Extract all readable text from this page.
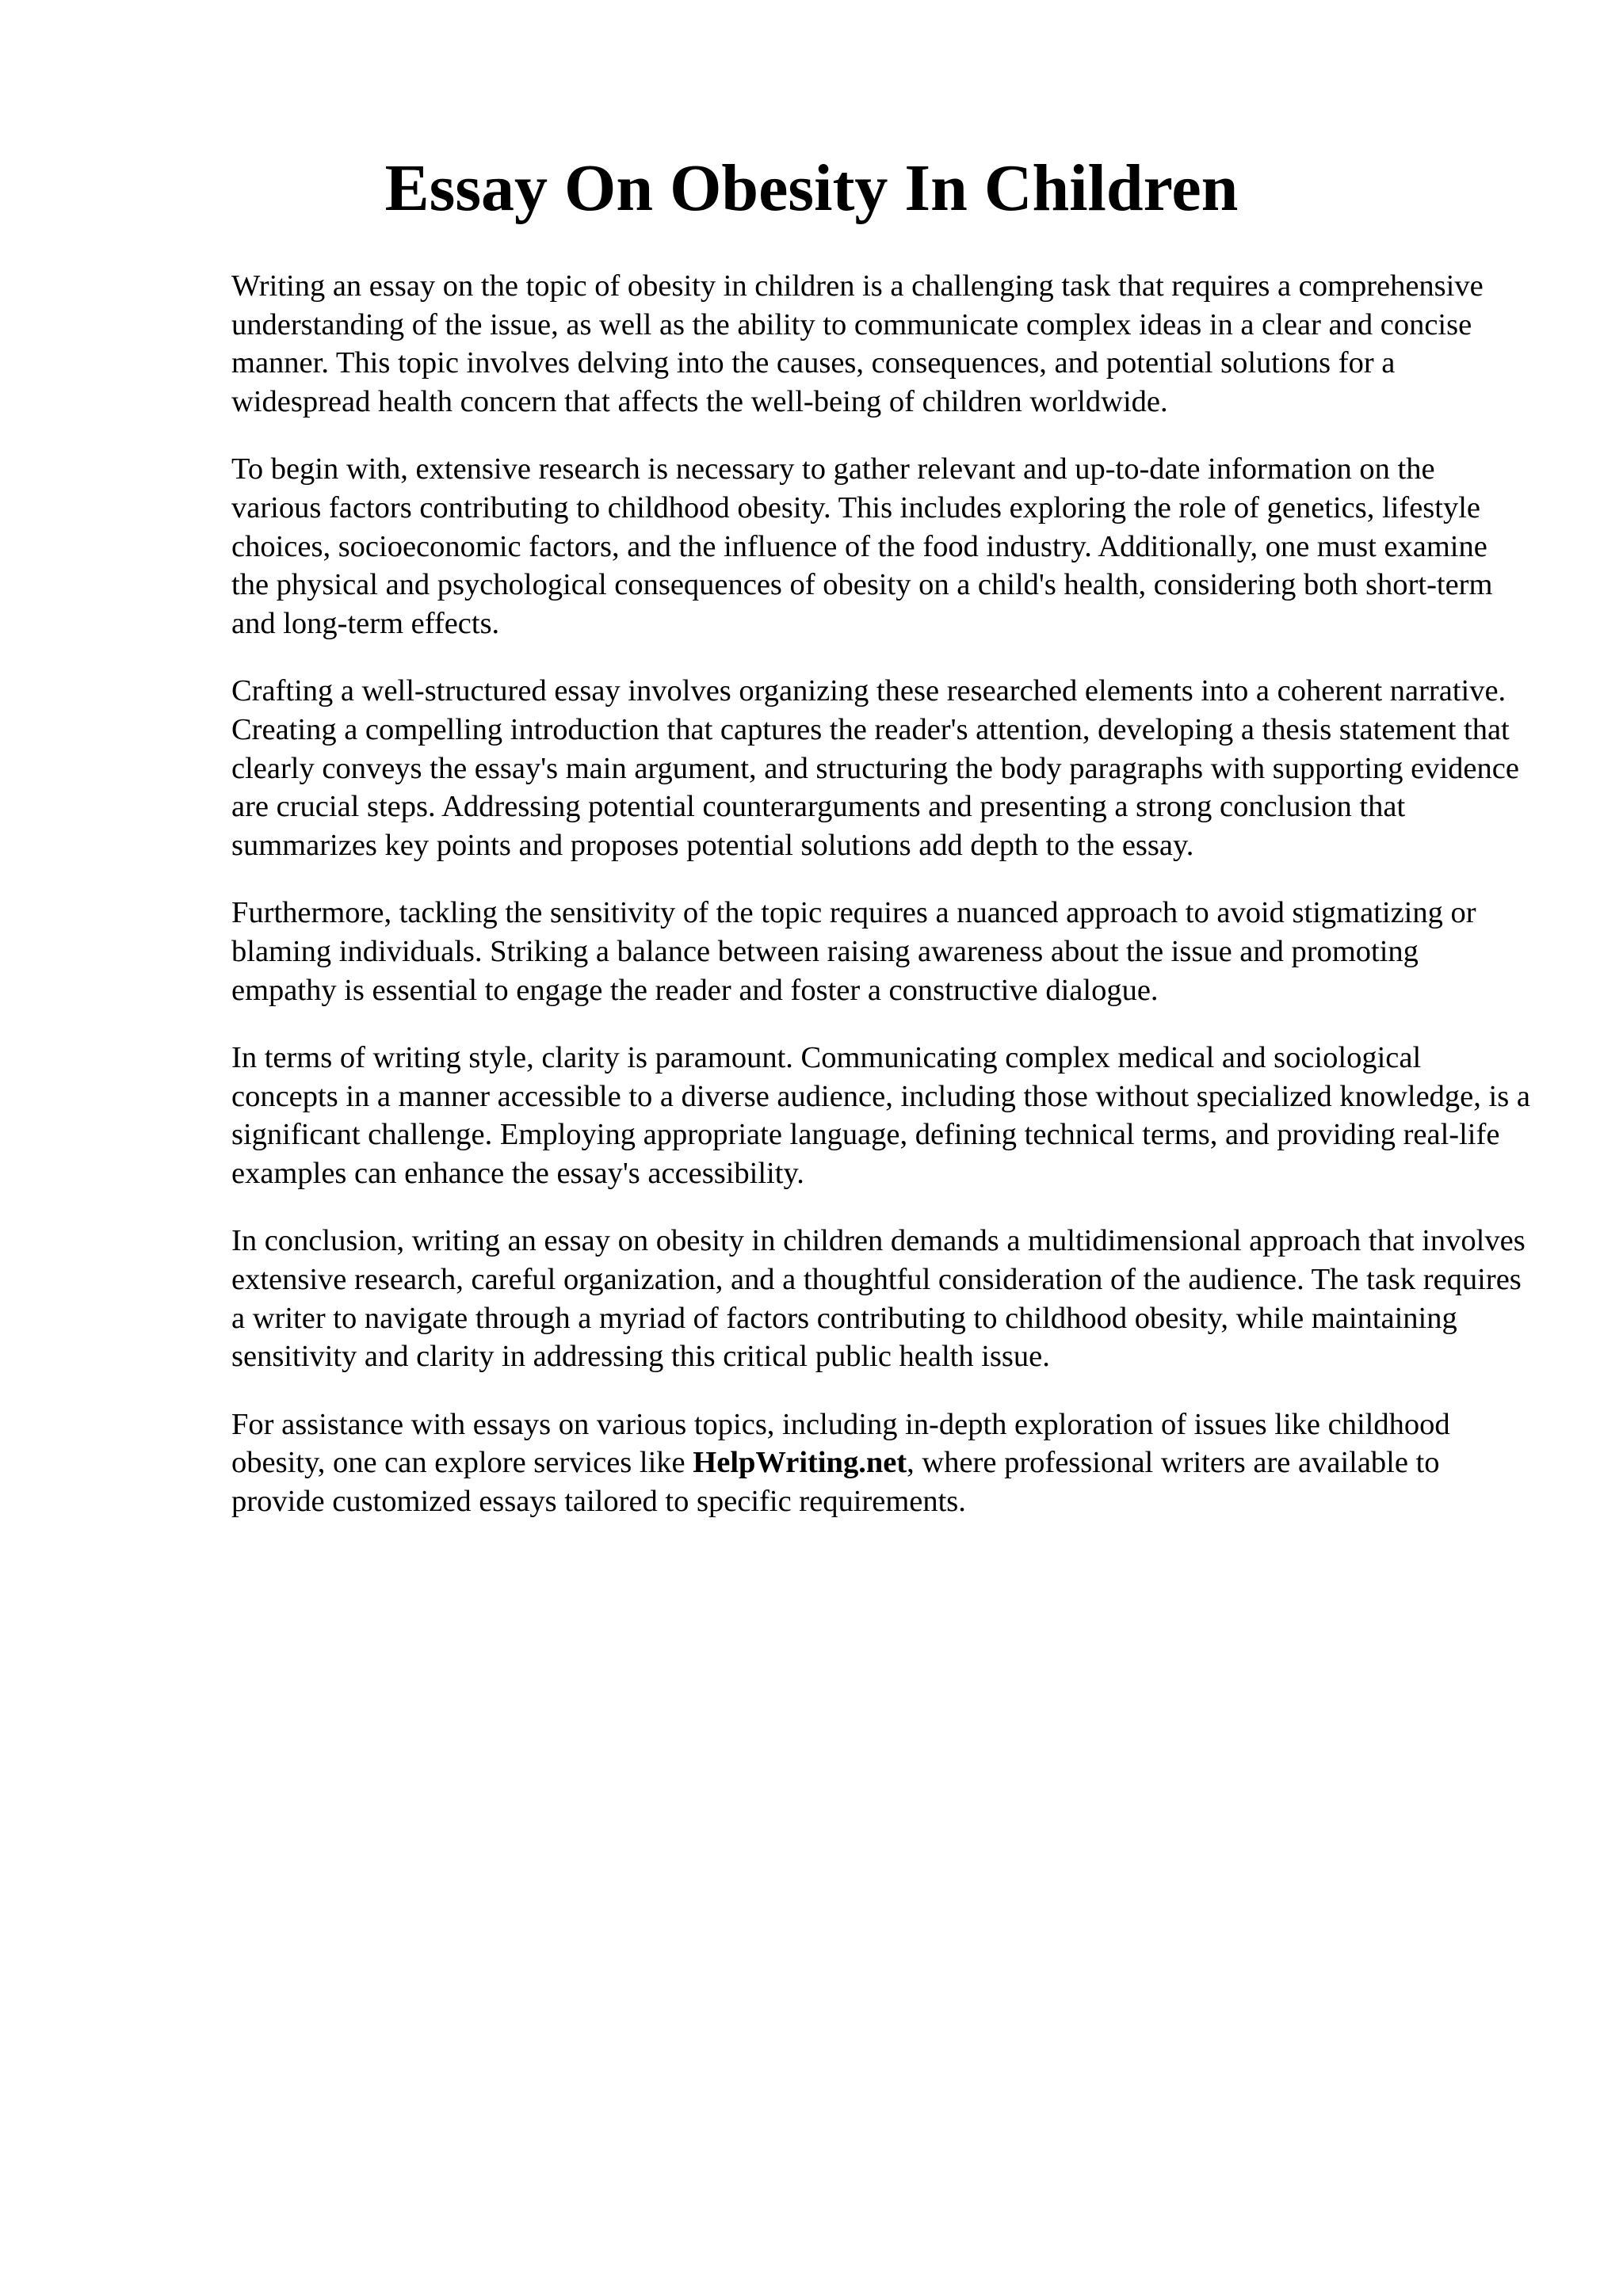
Essay On Obesity In Children

Writing an essay on the topic of obesity in children is a challenging task that requires a comprehensive understanding of the issue, as well as the ability to communicate complex ideas in a clear and concise manner. This topic involves delving into the causes, consequences, and potential solutions for a widespread health concern that affects the well-being of children worldwide.

To begin with, extensive research is necessary to gather relevant and up-to-date information on the various factors contributing to childhood obesity. This includes exploring the role of genetics, lifestyle choices, socioeconomic factors, and the influence of the food industry. Additionally, one must examine the physical and psychological consequences of obesity on a child's health, considering both short-term and long-term effects.

Crafting a well-structured essay involves organizing these researched elements into a coherent narrative. Creating a compelling introduction that captures the reader's attention, developing a thesis statement that clearly conveys the essay's main argument, and structuring the body paragraphs with supporting evidence are crucial steps. Addressing potential counterarguments and presenting a strong conclusion that summarizes key points and proposes potential solutions add depth to the essay.

Furthermore, tackling the sensitivity of the topic requires a nuanced approach to avoid stigmatizing or blaming individuals. Striking a balance between raising awareness about the issue and promoting empathy is essential to engage the reader and foster a constructive dialogue.

In terms of writing style, clarity is paramount. Communicating complex medical and sociological concepts in a manner accessible to a diverse audience, including those without specialized knowledge, is a significant challenge. Employing appropriate language, defining technical terms, and providing real-life examples can enhance the essay's accessibility.

In conclusion, writing an essay on obesity in children demands a multidimensional approach that involves extensive research, careful organization, and a thoughtful consideration of the audience. The task requires a writer to navigate through a myriad of factors contributing to childhood obesity, while maintaining sensitivity and clarity in addressing this critical public health issue.

For assistance with essays on various topics, including in-depth exploration of issues like childhood obesity, one can explore services like HelpWriting.net, where professional writers are available to provide customized essays tailored to specific requirements.
